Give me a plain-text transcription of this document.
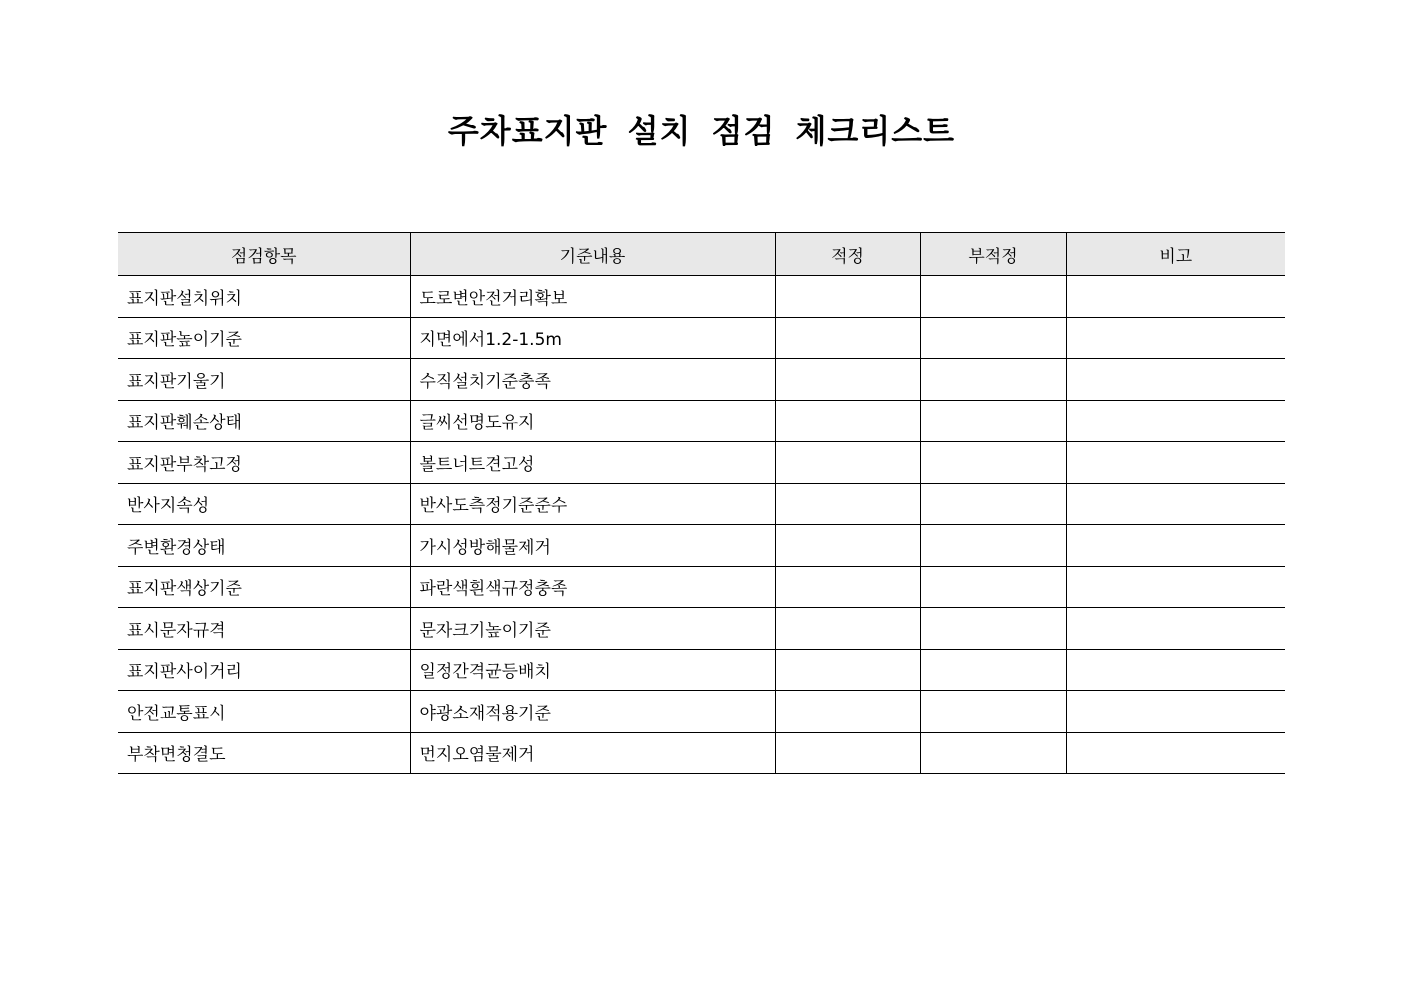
주차표지판 설치 점검 체크리스트
점검항목	기준내용	적정	부적정	비고
표지판설치위치	도로변안전거리확보			
표지판높이기준	지면에서1.2-1.5m			
표지판기울기	수직설치기준충족			
표지판훼손상태	글씨선명도유지			
표지판부착고정	볼트너트견고성			
반사지속성	반사도측정기준준수			
주변환경상태	가시성방해물제거			
표지판색상기준	파란색흰색규정충족			
표시문자규격	문자크기높이기준			
표지판사이거리	일정간격균등배치			
안전교통표시	야광소재적용기준			
부착면청결도	먼지오염물제거			
